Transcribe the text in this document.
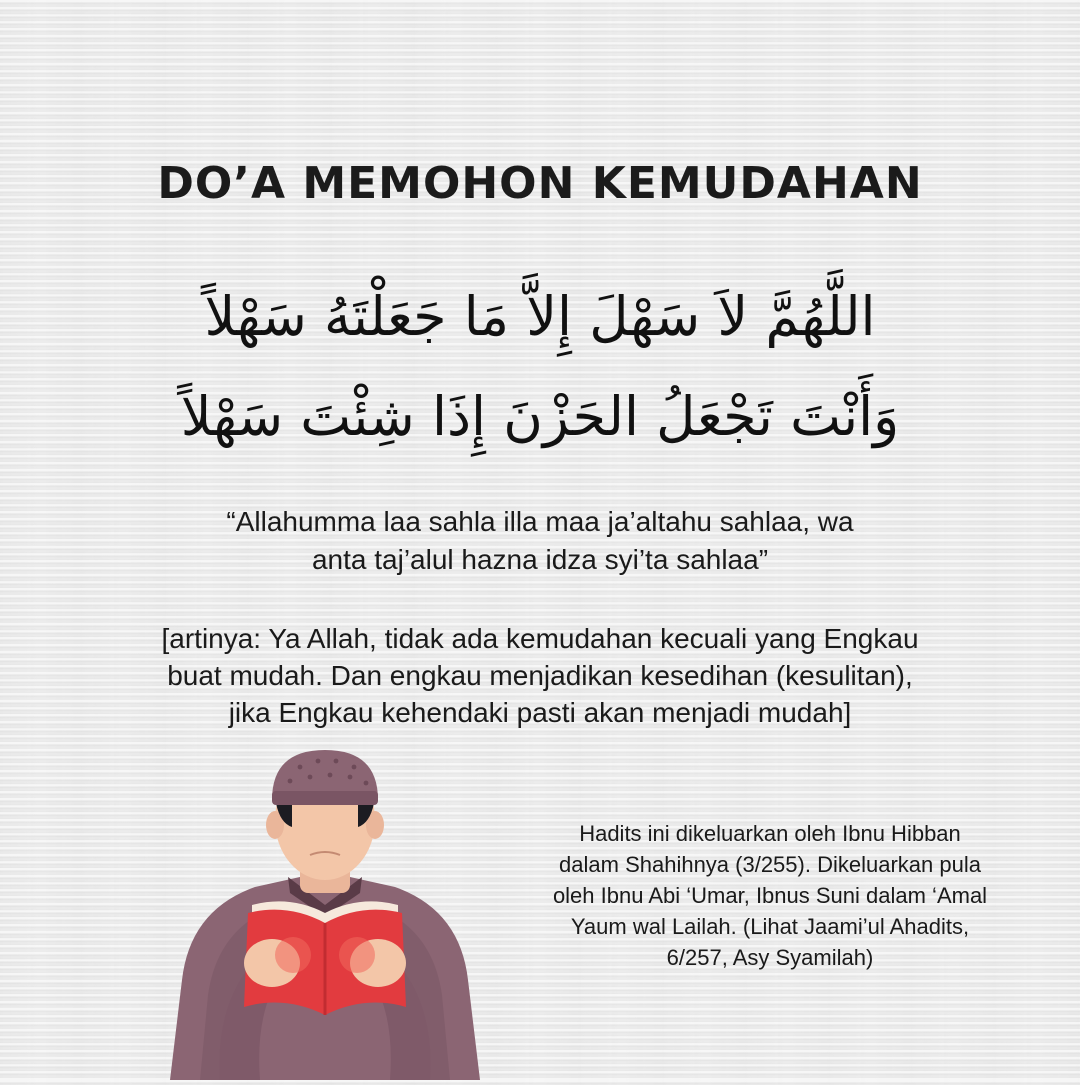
DO’A MEMOHON KEMUDAHAN
اللَّهُمَّ لاَ سَهْلَ إِلاَّ مَا جَعَلْتَهُ سَهْلاً
وَأَنْتَ تَجْعَلُ الحَزْنَ إِذَا شِئْتَ سَهْلاً
“Allahumma laa sahla illa maa ja’altahu sahlaa, wa
anta taj’alul hazna idza syi’ta sahlaa”
[artinya: Ya Allah, tidak ada kemudahan kecuali yang Engkau
buat mudah. Dan engkau menjadikan kesedihan (kesulitan),
jika Engkau kehendaki pasti akan menjadi mudah]
Hadits ini dikeluarkan oleh Ibnu Hibban
dalam Shahihnya (3/255). Dikeluarkan pula
oleh Ibnu Abi ‘Umar, Ibnus Suni dalam ‘Amal
Yaum wal Lailah. (Lihat Jaami’ul Ahadits,
6/257, Asy Syamilah)
